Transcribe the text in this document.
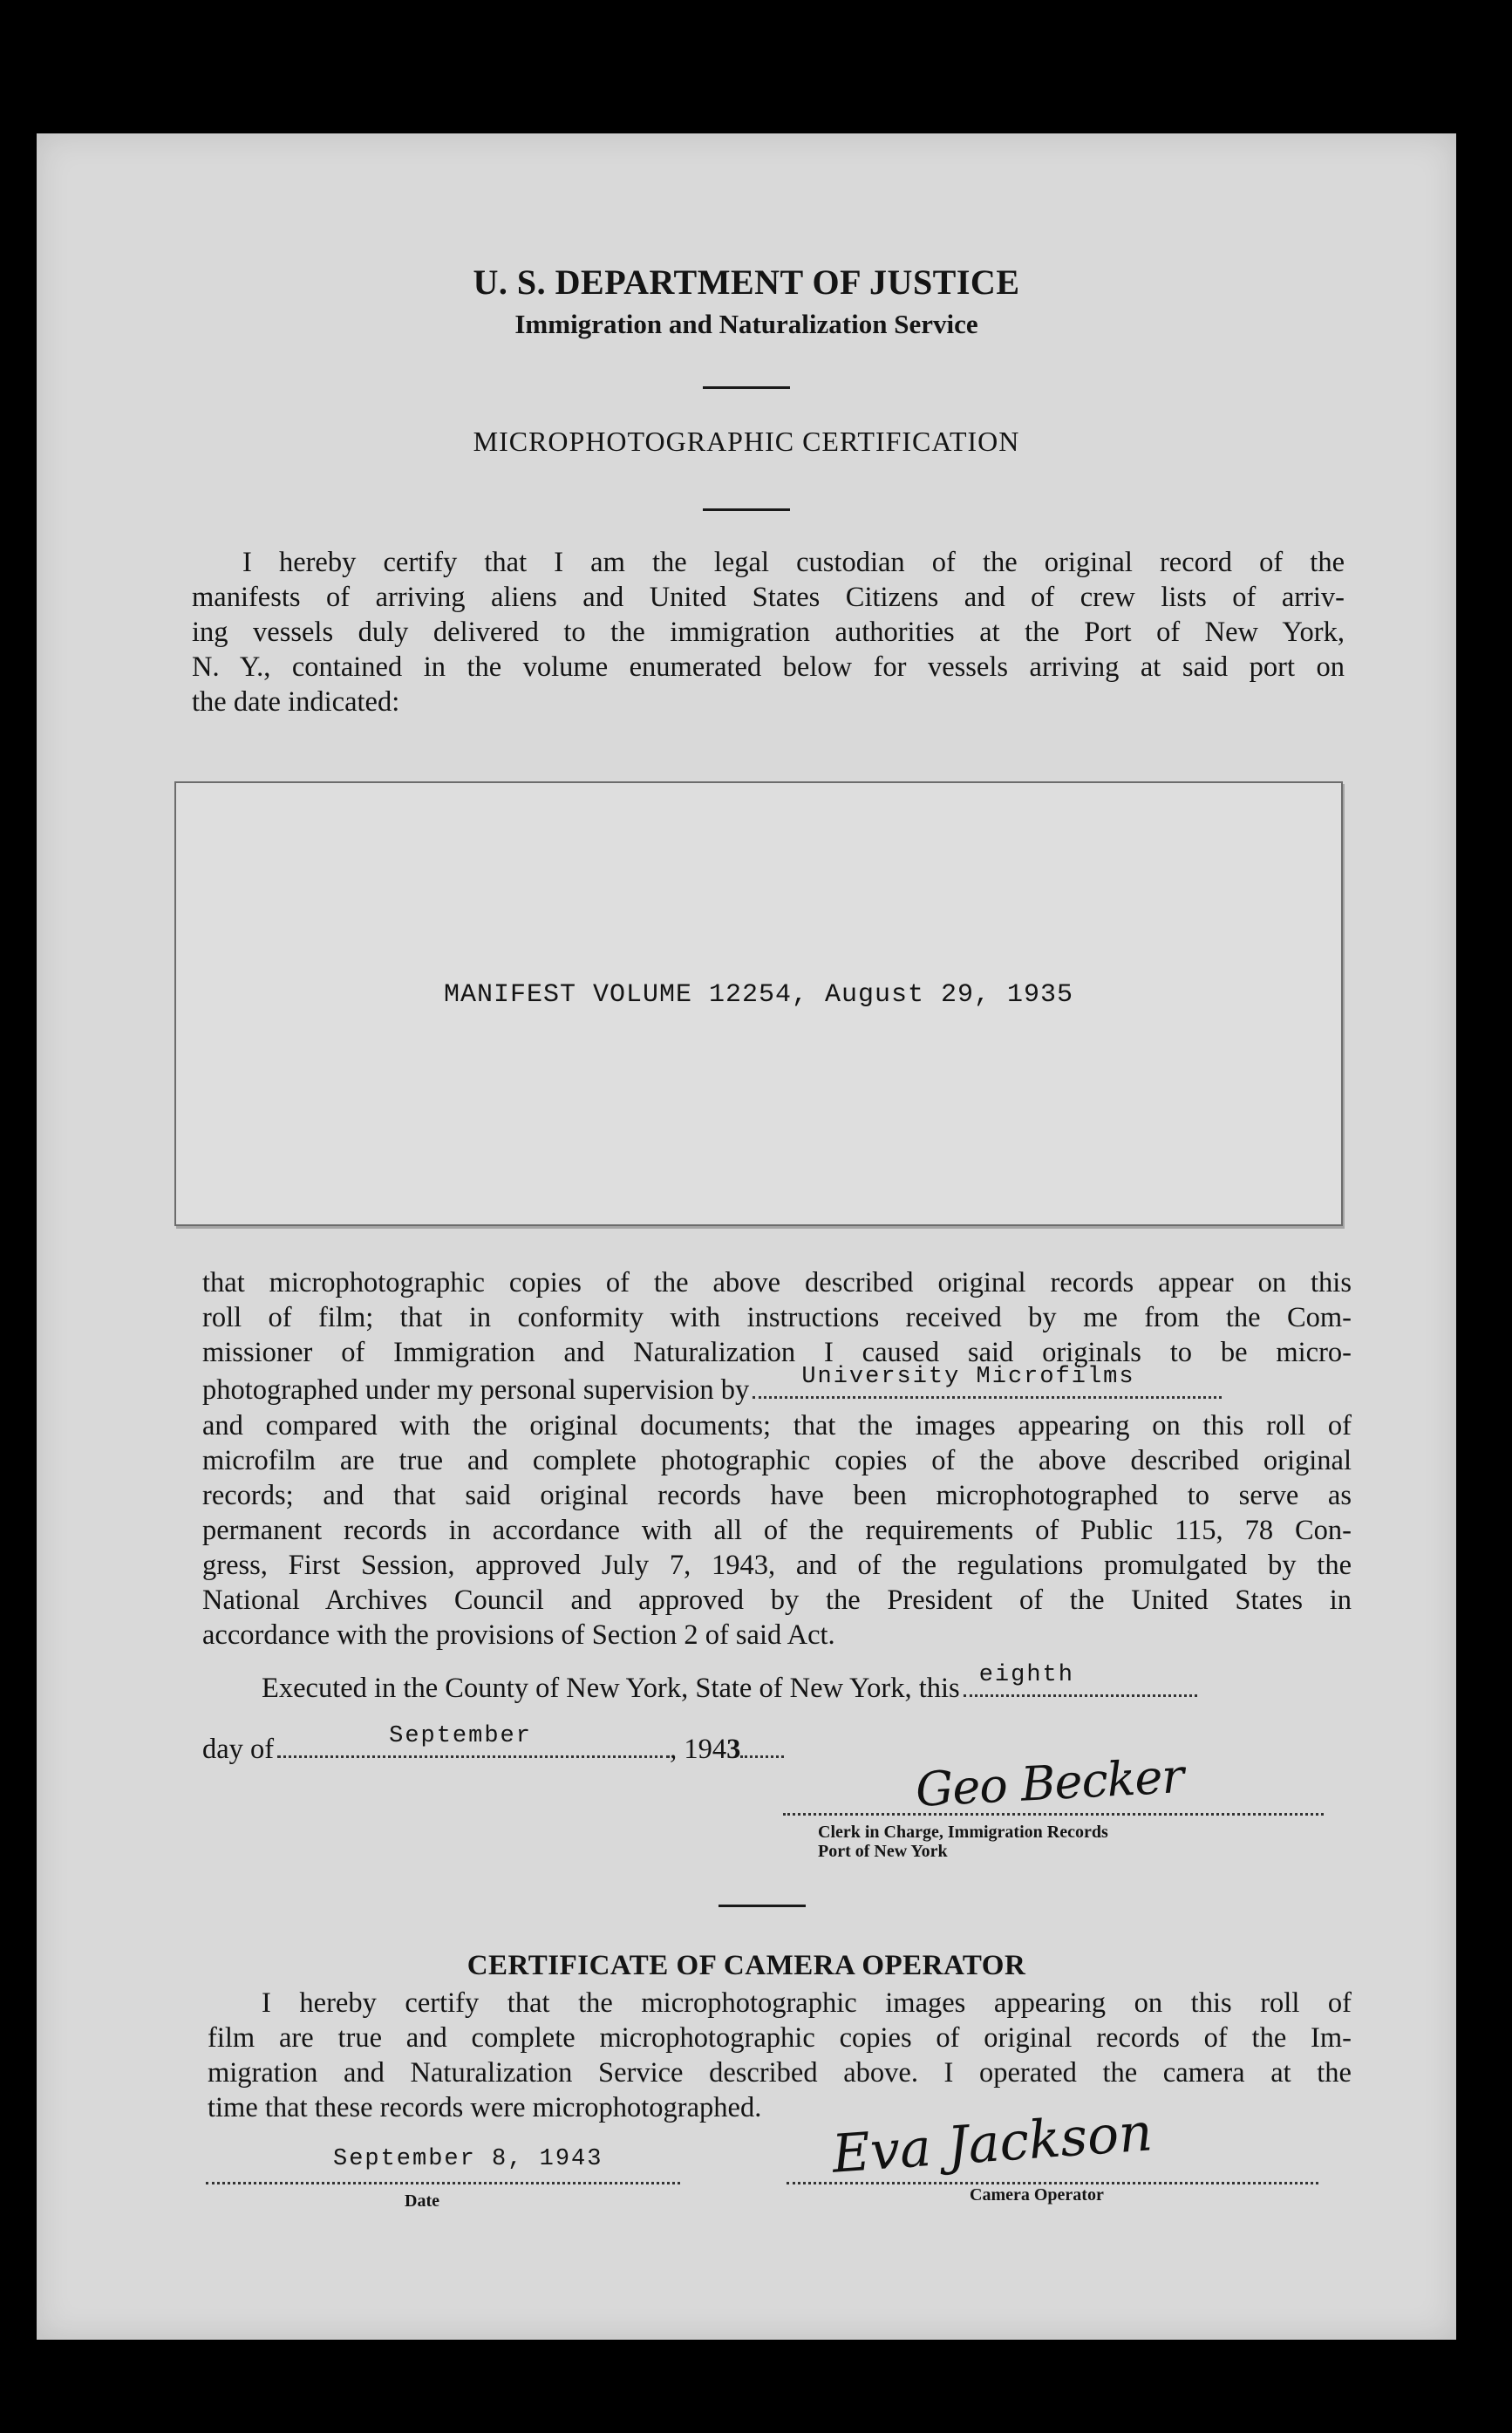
U. S. DEPARTMENT OF JUSTICE
Immigration and Naturalization Service
MICROPHOTOGRAPHIC CERTIFICATION
I hereby certify that I am the legal custodian of the original record of the
manifests of arriving aliens and United States Citizens and of crew lists of arriv-
ing vessels duly delivered to the immigration authorities at the Port of New York,
N. Y., contained in the volume enumerated below for vessels arriving at said port on
the date indicated:
MANIFEST VOLUME 12254, August 29, 1935
that microphotographic copies of the above described original records appear on this
roll of film; that in conformity with instructions received by me from the Com-
missioner of Immigration and Naturalization I caused said originals to be micro-
photographed under my personal supervision by University Microfilms
and compared with the original documents; that the images appearing on this roll of
microfilm are true and complete photographic copies of the above described original
records; and that said original records have been microphotographed to serve as
permanent records in accordance with all of the requirements of Public 115, 78 Con-
gress, First Session, approved July 7, 1943, and of the regulations promulgated by the
National Archives Council and approved by the President of the United States in
accordance with the provisions of Section 2 of said Act.
Executed in the County of New York, State of New York, this eighth
day of	September	, 1943	Geo Becker
Clerk in Charge, Immigration Records
Port of New York
CERTIFICATE OF CAMERA OPERATOR
I hereby certify that the microphotographic images appearing on this roll of
film are true and complete microphotographic copies of original records of the Im-
migration and Naturalization Service described above. I operated the camera at the
time that these records were microphotographed.
September 8, 1943
Date
Eva Jackson
Camera Operator
